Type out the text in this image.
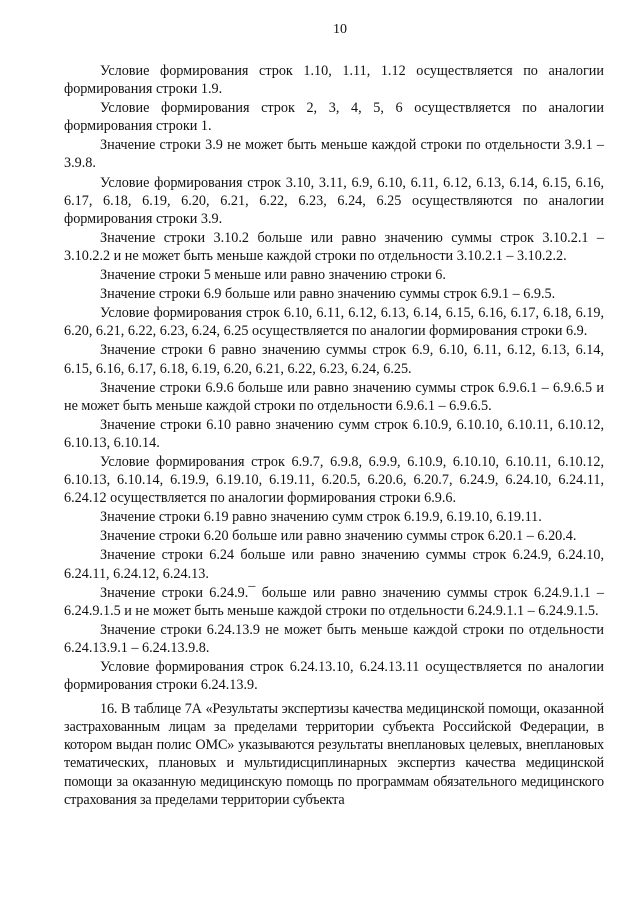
10

Условие формирования строк 1.10, 1.11, 1.12 осуществляется по аналогии формирования строки 1.9.

Условие формирования строк 2, 3, 4, 5, 6 осуществляется по аналогии формирования строки 1.

Значение строки 3.9 не может быть меньше каждой строки по отдельности 3.9.1 – 3.9.8.

Условие формирования строк 3.10, 3.11, 6.9, 6.10, 6.11, 6.12, 6.13, 6.14, 6.15, 6.16, 6.17, 6.18, 6.19, 6.20, 6.21, 6.22, 6.23, 6.24, 6.25 осуществляются по аналогии формирования строки 3.9.

Значение строки 3.10.2 больше или равно значению суммы строк 3.10.2.1 – 3.10.2.2 и не может быть меньше каждой строки по отдельности 3.10.2.1 – 3.10.2.2.

Значение строки 5 меньше или равно значению строки 6.

Значение строки 6.9 больше или равно значению суммы строк 6.9.1 – 6.9.5.

Условие формирования строк 6.10, 6.11, 6.12, 6.13, 6.14, 6.15, 6.16, 6.17, 6.18, 6.19, 6.20, 6.21, 6.22, 6.23, 6.24, 6.25 осуществляется по аналогии формирования строки 6.9.

Значение строки 6 равно значению суммы строк 6.9, 6.10, 6.11, 6.12, 6.13, 6.14, 6.15, 6.16, 6.17, 6.18, 6.19, 6.20, 6.21, 6.22, 6.23, 6.24, 6.25.

Значение строки 6.9.6 больше или равно значению суммы строк 6.9.6.1 – 6.9.6.5 и не может быть меньше каждой строки по отдельности 6.9.6.1 – 6.9.6.5.

Значение строки 6.10 равно значению сумм строк 6.10.9, 6.10.10, 6.10.11, 6.10.12, 6.10.13, 6.10.14.

Условие формирования строк 6.9.7, 6.9.8, 6.9.9, 6.10.9, 6.10.10, 6.10.11, 6.10.12, 6.10.13, 6.10.14, 6.19.9, 6.19.10, 6.19.11, 6.20.5, 6.20.6, 6.20.7, 6.24.9, 6.24.10, 6.24.11, 6.24.12 осуществляется по аналогии формирования строки 6.9.6.

Значение строки 6.19 равно значению сумм строк 6.19.9, 6.19.10, 6.19.11.

Значение строки 6.20 больше или равно значению суммы строк 6.20.1 – 6.20.4.

Значение строки 6.24 больше или равно значению суммы строк 6.24.9, 6.24.10, 6.24.11, 6.24.12, 6.24.13.

Значение строки 6.24.9.¯ больше или равно значению суммы строк 6.24.9.1.1 – 6.24.9.1.5 и не может быть меньше каждой строки по отдельности 6.24.9.1.1 – 6.24.9.1.5.

Значение строки 6.24.13.9 не может быть меньше каждой строки по отдельности 6.24.13.9.1 – 6.24.13.9.8.

Условие формирования строк 6.24.13.10, 6.24.13.11 осуществляется по аналогии формирования строки 6.24.13.9.

16. В таблице 7А «Результаты экспертизы качества медицинской помощи, оказанной застрахованным лицам за пределами территории субъекта Российской Федерации, в котором выдан полис ОМС» указываются результаты внеплановых целевых, внеплановых тематических, плановых и мультидисциплинарных экспертиз качества медицинской помощи за оказанную медицинскую помощь по программам обязательного медицинского страхования за пределами территории субъекта
